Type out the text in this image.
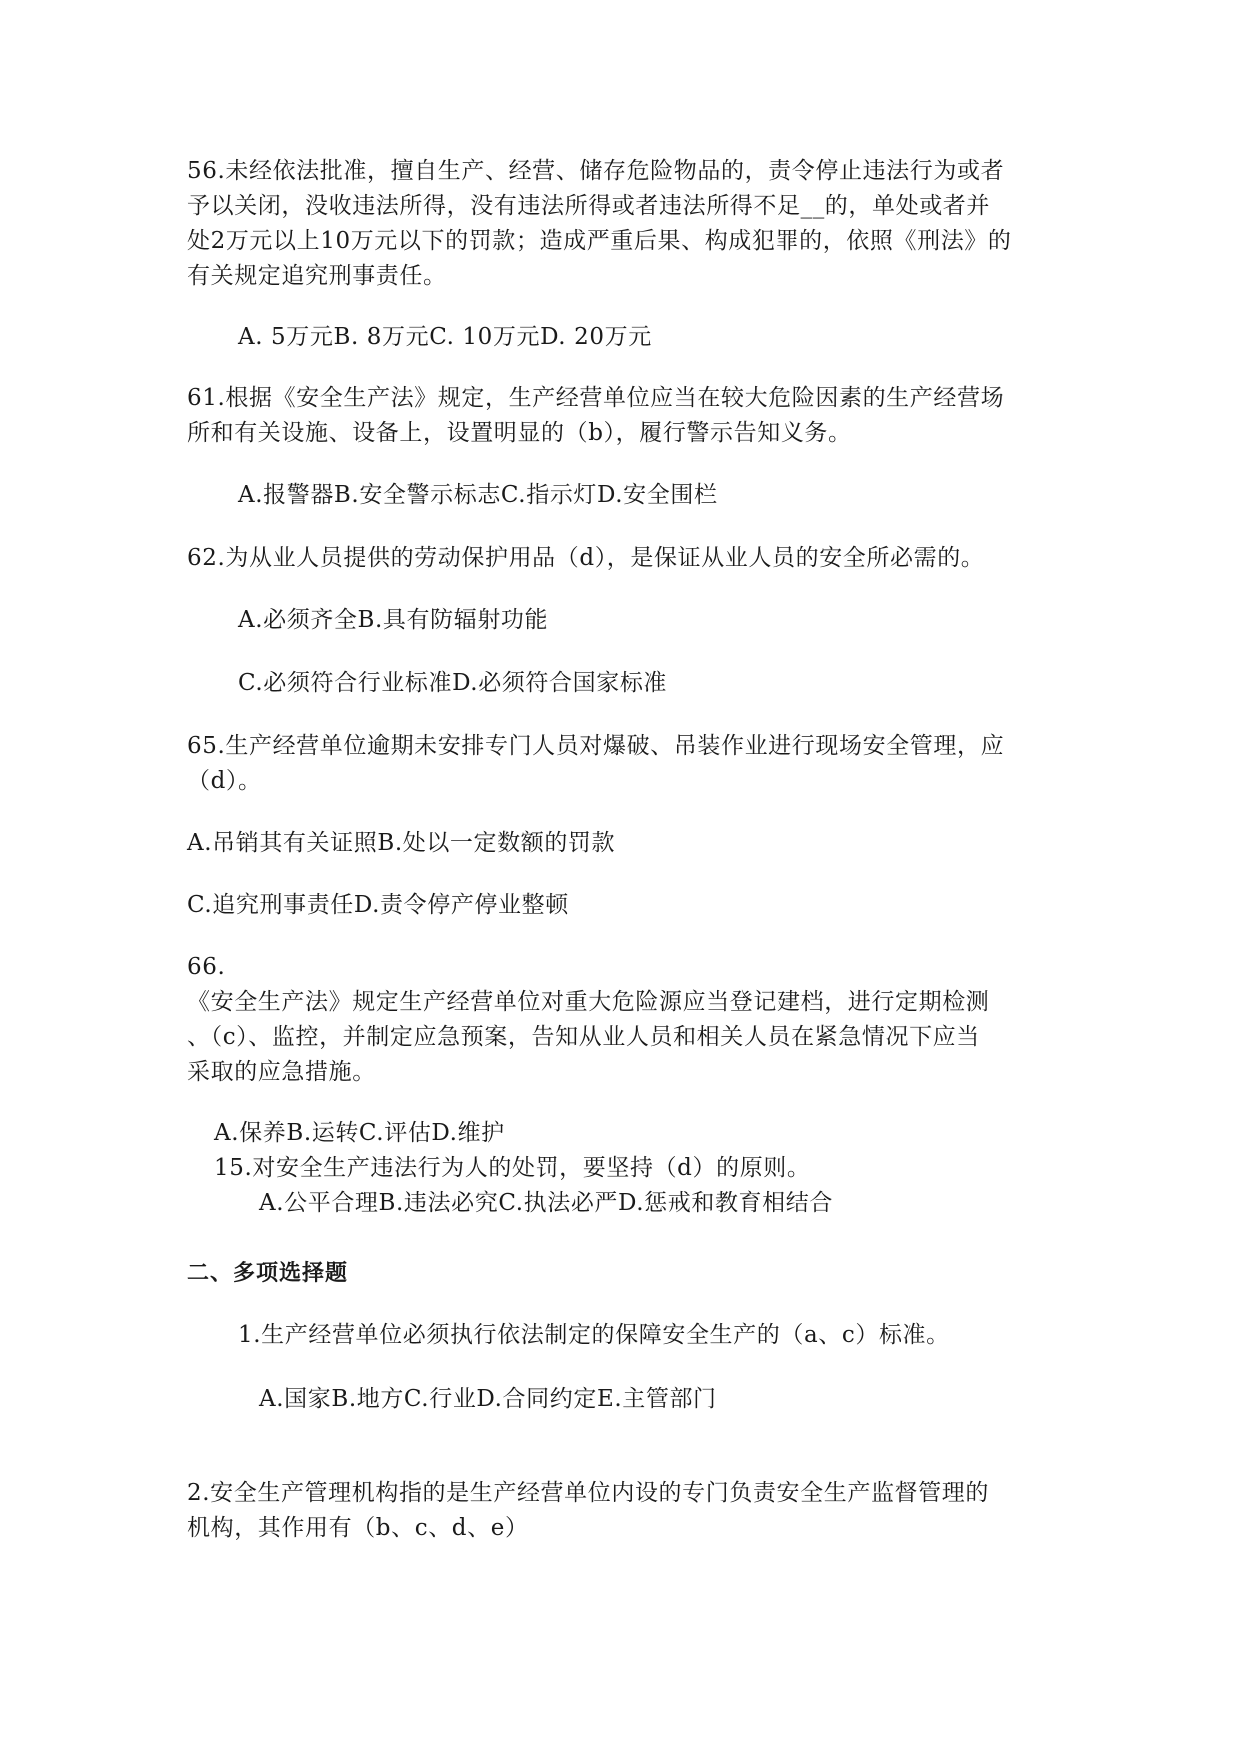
56.未经依法批准，擅自生产、经营、储存危险物品的，责令停止违法行为或者
予以关闭，没收违法所得，没有违法所得或者违法所得不足__的，单处或者并
处2万元以上10万元以下的罚款；造成严重后果、构成犯罪的，依照《刑法》的
有关规定追究刑事责任。
A. 5万元B. 8万元C. 10万元D. 20万元
61.根据《安全生产法》规定，生产经营单位应当在较大危险因素的生产经营场
所和有关设施、设备上，设置明显的（b），履行警示告知义务。
A.报警器B.安全警示标志C.指示灯D.安全围栏
62.为从业人员提供的劳动保护用品（d），是保证从业人员的安全所必需的。
A.必须齐全B.具有防辐射功能
C.必须符合行业标准D.必须符合国家标准
65.生产经营单位逾期未安排专门人员对爆破、吊装作业进行现场安全管理，应
（d）。
A.吊销其有关证照B.处以一定数额的罚款
C.追究刑事责任D.责令停产停业整顿
66.
《安全生产法》规定生产经营单位对重大危险源应当登记建档，进行定期检测
、（c）、监控，并制定应急预案，告知从业人员和相关人员在紧急情况下应当
采取的应急措施。
A.保养B.运转C.评估D.维护
15.对安全生产违法行为人的处罚，要坚持（d）的原则。
A.公平合理B.违法必究C.执法必严D.惩戒和教育相结合
二、多项选择题
1.生产经营单位必须执行依法制定的保障安全生产的（a、c）标准。
A.国家B.地方C.行业D.合同约定E.主管部门
2.安全生产管理机构指的是生产经营单位内设的专门负责安全生产监督管理的
机构，其作用有（b、c、d、e）
